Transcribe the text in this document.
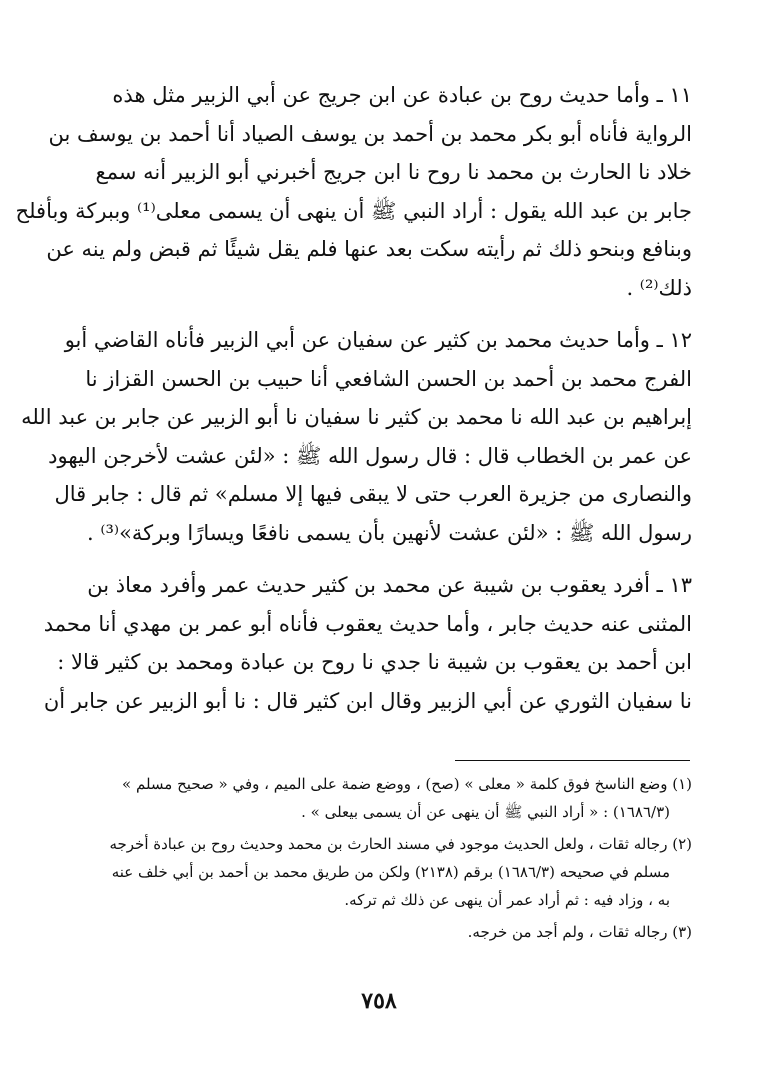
١١ ـ وأما حديث روح بن عبادة عن ابن جريج عن أبي الزبير مثل هذه
الرواية فأناه أبو بكر محمد بن أحمد بن يوسف الصياد أنا أحمد بن يوسف بن
خلاد نا الحارث بن محمد نا روح نا ابن جريج أخبرني أبو الزبير أنه سمع
جابر بن عبد الله يقول : أراد النبي ﷺ أن ينهى أن يسمى معلى⁽¹⁾ وببركة وبأفلح
وبنافع وبنحو ذلك ثم رأيته سكت بعد عنها فلم يقل شيئًا ثم قبض ولم ينه عن
ذلك⁽²⁾ .
١٢ ـ وأما حديث محمد بن كثير عن سفيان عن أبي الزبير فأناه القاضي أبو
الفرج محمد بن أحمد بن الحسن الشافعي أنا حبيب بن الحسن القزاز نا
إبراهيم بن عبد الله نا محمد بن كثير نا سفيان نا أبو الزبير عن جابر بن عبد الله
عن عمر بن الخطاب قال : قال رسول الله ﷺ : «لئن عشت لأخرجن اليهود
والنصارى من جزيرة العرب حتى لا يبقى فيها إلا مسلم» ثم قال : جابر قال
رسول الله ﷺ : «لئن عشت لأنهين بأن يسمى نافعًا ويسارًا وبركة»⁽³⁾ .
١٣ ـ أفرد يعقوب بن شيبة عن محمد بن كثير حديث عمر وأفرد معاذ بن
المثنى عنه حديث جابر ، وأما حديث يعقوب فأناه أبو عمر بن مهدي أنا محمد
ابن أحمد بن يعقوب بن شيبة نا جدي نا روح بن عبادة ومحمد بن كثير قالا :
نا سفيان الثوري عن أبي الزبير وقال ابن كثير قال : نا أبو الزبير عن جابر أن
(١) وضع الناسخ فوق كلمة « معلى » (صح) ، ووضع ضمة على الميم ، وفي « صحيح مسلم »
(١٦٨٦/٣) : « أراد النبي ﷺ أن ينهى عن أن يسمى بيعلى » .
(٢) رجاله ثقات ، ولعل الحديث موجود في مسند الحارث بن محمد وحديث روح بن عبادة أخرجه
مسلم في صحيحه (١٦٨٦/٣) برقم (٢١٣٨) ولكن من طريق محمد بن أحمد بن أبي خلف عنه
به ، وزاد فيه : ثم أراد عمر أن ينهى عن ذلك ثم تركه.
(٣) رجاله ثقات ، ولم أجد من خرجه.
٧٥٨
